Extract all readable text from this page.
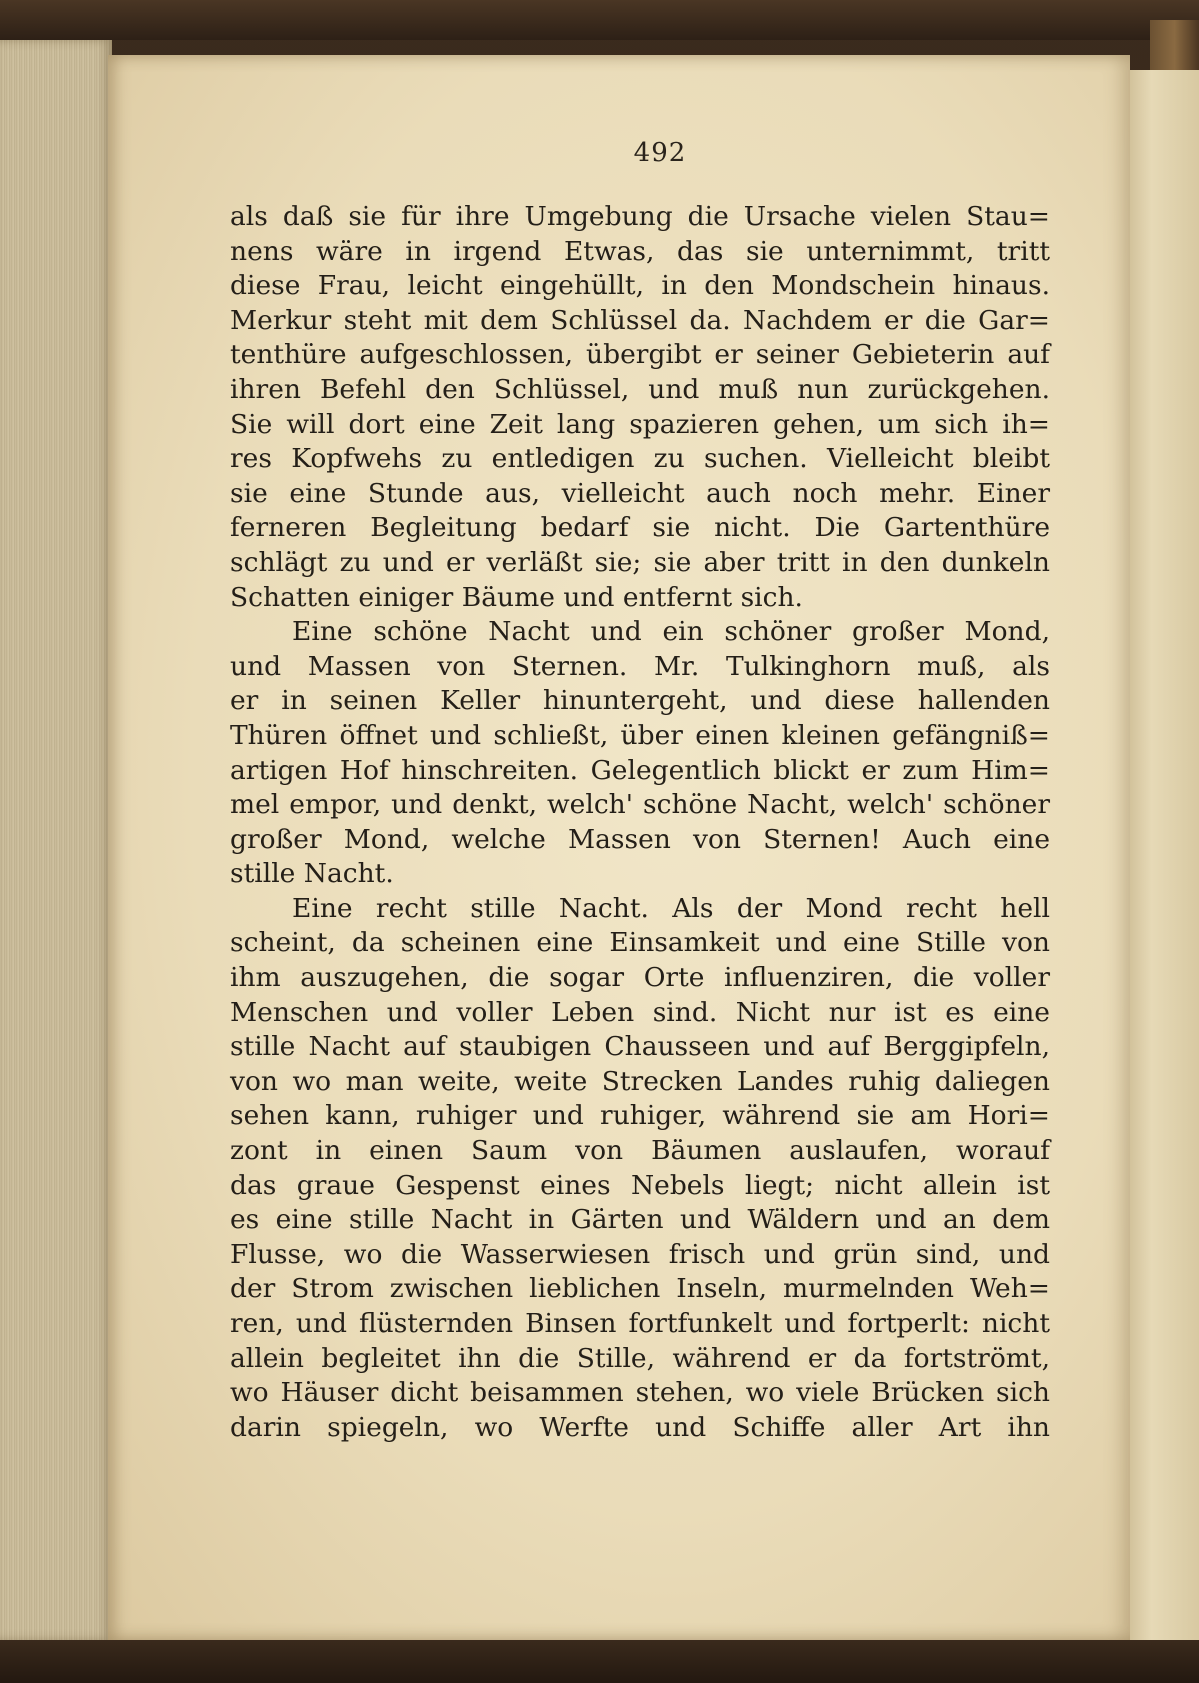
492
als daß sie für ihre Umgebung die Ursache vielen Stau=
nens wäre in irgend Etwas, das sie unternimmt, tritt
diese Frau, leicht eingehüllt, in den Mondschein hinaus.
Merkur steht mit dem Schlüssel da. Nachdem er die Gar=
tenthüre aufgeschlossen, übergibt er seiner Gebieterin auf
ihren Befehl den Schlüssel, und muß nun zurückgehen.
Sie will dort eine Zeit lang spazieren gehen, um sich ih=
res Kopfwehs zu entledigen zu suchen. Vielleicht bleibt
sie eine Stunde aus, vielleicht auch noch mehr. Einer
ferneren Begleitung bedarf sie nicht. Die Gartenthüre
schlägt zu und er verläßt sie; sie aber tritt in den dunkeln
Schatten einiger Bäume und entfernt sich.
Eine schöne Nacht und ein schöner großer Mond,
und Massen von Sternen. Mr. Tulkinghorn muß, als
er in seinen Keller hinuntergeht, und diese hallenden
Thüren öffnet und schließt, über einen kleinen gefängniß=
artigen Hof hinschreiten. Gelegentlich blickt er zum Him=
mel empor, und denkt, welch' schöne Nacht, welch' schöner
großer Mond, welche Massen von Sternen! Auch eine
stille Nacht.
Eine recht stille Nacht. Als der Mond recht hell
scheint, da scheinen eine Einsamkeit und eine Stille von
ihm auszugehen, die sogar Orte influenziren, die voller
Menschen und voller Leben sind. Nicht nur ist es eine
stille Nacht auf staubigen Chausseen und auf Berggipfeln,
von wo man weite, weite Strecken Landes ruhig daliegen
sehen kann, ruhiger und ruhiger, während sie am Hori=
zont in einen Saum von Bäumen auslaufen, worauf
das graue Gespenst eines Nebels liegt; nicht allein ist
es eine stille Nacht in Gärten und Wäldern und an dem
Flusse, wo die Wasserwiesen frisch und grün sind, und
der Strom zwischen lieblichen Inseln, murmelnden Weh=
ren, und flüsternden Binsen fortfunkelt und fortperlt: nicht
allein begleitet ihn die Stille, während er da fortströmt,
wo Häuser dicht beisammen stehen, wo viele Brücken sich
darin spiegeln, wo Werfte und Schiffe aller Art ihn
